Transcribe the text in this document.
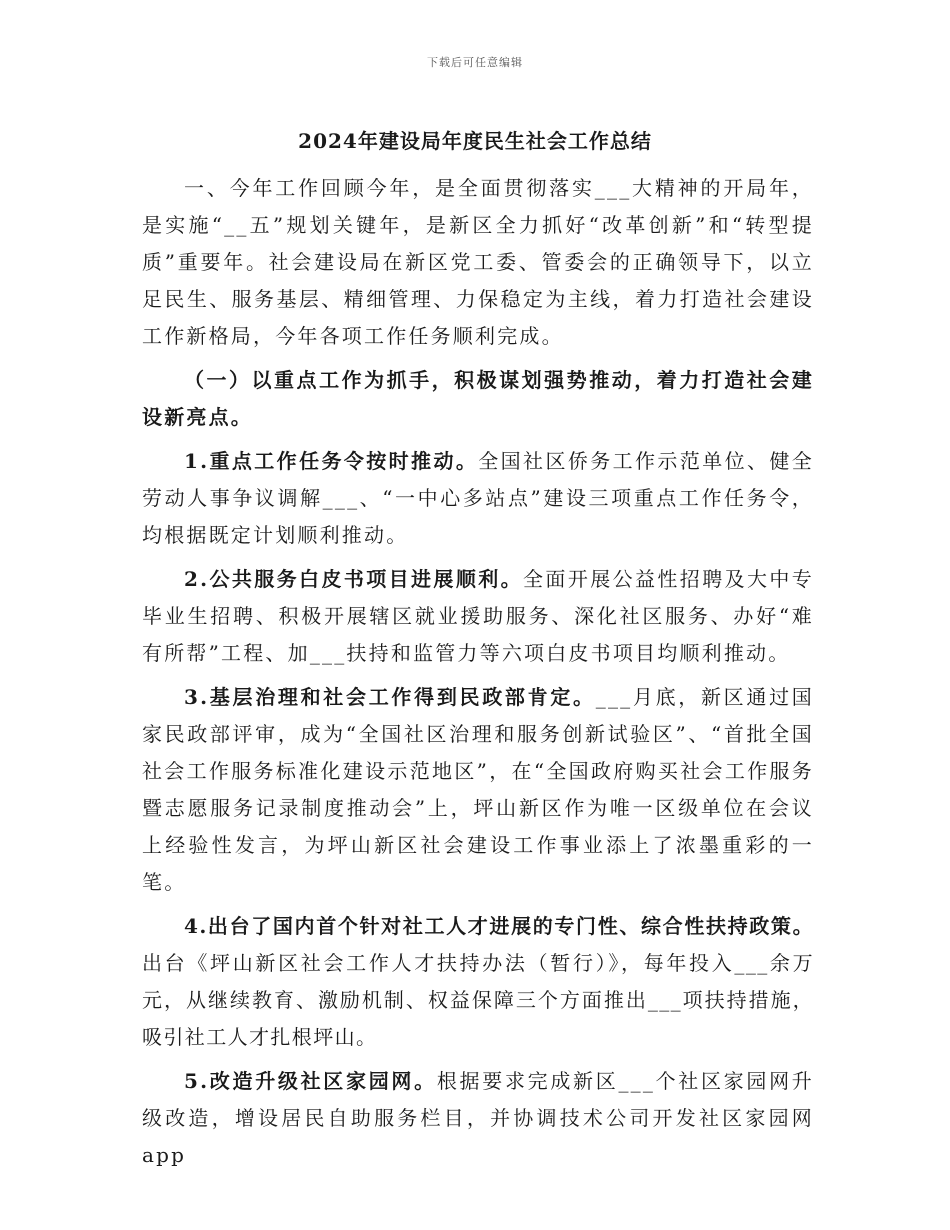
下载后可任意编辑
2024年建设局年度民生社会工作总结

一、今年工作回顾今年，是全面贯彻落实___大精神的开局年，是实施“__五”规划关键年，是新区全力抓好“改革创新”和“转型提质”重要年。社会建设局在新区党工委、管委会的正确领导下，以立足民生、服务基层、精细管理、力保稳定为主线，着力打造社会建设工作新格局，今年各项工作任务顺利完成。

（一）以重点工作为抓手，积极谋划强势推动，着力打造社会建设新亮点。

1.重点工作任务令按时推动。全国社区侨务工作示范单位、健全劳动人事争议调解___、“一中心多站点”建设三项重点工作任务令，均根据既定计划顺利推动。

2.公共服务白皮书项目进展顺利。全面开展公益性招聘及大中专毕业生招聘、积极开展辖区就业援助服务、深化社区服务、办好“难有所帮”工程、加___扶持和监管力等六项白皮书项目均顺利推动。

3.基层治理和社会工作得到民政部肯定。___月底，新区通过国家民政部评审，成为“全国社区治理和服务创新试验区”、“首批全国社会工作服务标准化建设示范地区”，在“全国政府购买社会工作服务暨志愿服务记录制度推动会”上，坪山新区作为唯一区级单位在会议上经验性发言，为坪山新区社会建设工作事业添上了浓墨重彩的一笔。

4.出台了国内首个针对社工人才进展的专门性、综合性扶持政策。出台《坪山新区社会工作人才扶持办法（暂行）》，每年投入___余万元，从继续教育、激励机制、权益保障三个方面推出___项扶持措施，吸引社工人才扎根坪山。

5.改造升级社区家园网。根据要求完成新区___个社区家园网升级改造，增设居民自助服务栏目，并协调技术公司开发社区家园网app
